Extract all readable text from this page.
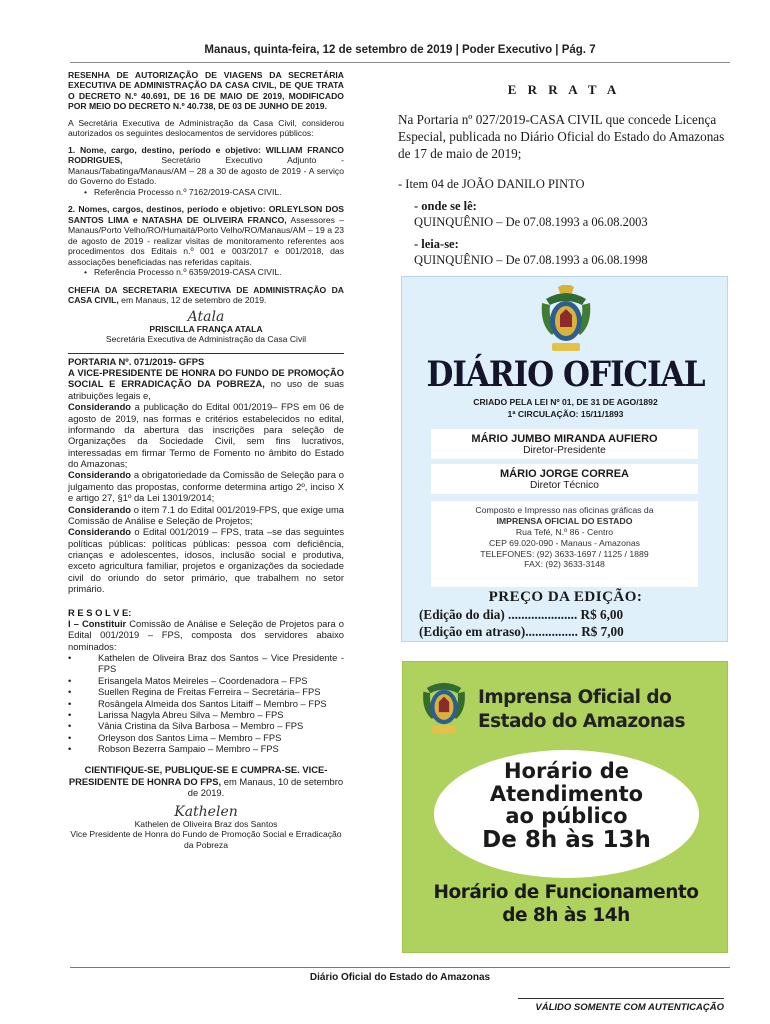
Manaus, quinta-feira, 12 de setembro de 2019 | Poder Executivo | Pág. 7

RESENHA DE AUTORIZAÇÃO DE VIAGENS DA SECRETÁRIA EXECUTIVA DE ADMINISTRAÇÃO DA CASA CIVIL, DE QUE TRATA O DECRETO N.º 40.691, DE 16 DE MAIO DE 2019, MODIFICADO POR MEIO DO DECRETO N.º 40.738, DE 03 DE JUNHO DE 2019.

A Secretária Executiva de Administração da Casa Civil, considerou autorizados os seguintes deslocamentos de servidores públicos:

1. Nome, cargo, destino, período e objetivo: WILLIAM FRANCO RODRIGUES,	Secretário Executivo Adjunto - Manaus/Tabatinga/Manaus/AM – 28 a 30 de agosto de 2019 - A serviço do Governo do Estado.

• Referência Processo n.º 7162/2019-CASA CIVIL.

2. Nomes, cargos, destinos, período e objetivo: ORLEYLSON DOS SANTOS LIMA e NATASHA DE OLIVEIRA FRANCO, Assessores – Manaus/Porto Velho/RO/Humaitá/Porto Velho/RO/Manaus/AM – 19 a 23 de agosto de 2019 - realizar visitas de monitoramento referentes aos procedimentos dos Editais n.º 001 e 003/2017 e 001/2018, das associações beneficiadas nas referidas capitais.

• Referência Processo n.º 6359/2019-CASA CIVIL.

CHEFIA DA SECRETARIA EXECUTIVA DE ADMINISTRAÇÃO DA CASA CIVIL, em Manaus, 12 de setembro de 2019.

Atala
PRISCILLA FRANÇA ATALA
Secretária Executiva de Administração da Casa Civil

PORTARIA Nº. 071/2019- GFPS

A VICE-PRESIDENTE DE HONRA DO FUNDO DE PROMOÇÃO SOCIAL E ERRADICAÇÃO DA POBREZA, no uso de suas atribuições legais e,

Considerando a publicação do Edital 001/2019– FPS em 06 de agosto de 2019, nas formas e critérios estabelecidos no edital, informando da abertura das inscrições para seleção de Organizações da Sociedade Civil, sem fins lucrativos, interessadas em firmar Termo de Fomento no âmbito do Estado do Amazonas;

Considerando a obrigatoriedade da Comissão de Seleção para o julgamento das propostas, conforme determina artigo 2º, inciso X e artigo 27, §1º da Lei 13019/2014;

Considerando o item 7.1 do Edital 001/2019-FPS, que exige uma Comissão de Análise e Seleção de Projetos;

Considerando o Edital 001/2019 – FPS, trata –se das seguintes políticas públicas: políticas públicas: pessoa com deficiência, crianças e adolescentes, idosos, inclusão social e produtiva, exceto agricultura familiar, projetos e organizações da sociedade civil do oriundo do setor primário, que trabalhem no setor primário.

R E S O L V E:

I – Constituir Comissão de Análise e Seleção de Projetos para o Edital 001/2019 – FPS, composta dos servidores abaixo nominados:

•	Kathelen de Oliveira Braz dos Santos – Vice Presidente - FPS

•	Erisangela Matos Meireles – Coordenadora – FPS

•	Suellen Regina de Freitas Ferreira – Secretária– FPS

•	Rosângela Almeida dos Santos Litaiff – Membro – FPS

•	Larissa Nagyla Abreu Silva – Membro – FPS

•	Vânia Cristina da Silva Barbosa – Membro – FPS

•	Orleyson dos Santos Lima – Membro – FPS

•	Robson Bezerra Sampaio – Membro – FPS

CIENTIFIQUE-SE, PUBLIQUE-SE E CUMPRA-SE. VICE-PRESIDENTE DE HONRA DO FPS, em Manaus, 10 de setembro de 2019.

Kathelen
Kathelen de Oliveira Braz dos Santos
Vice Presidente de Honra do Fundo de Promoção Social e Erradicação da Pobreza
E R R A T A
Na Portaria nº 027/2019-CASA CIVIL que concede Licença Especial, publicada no Diário Oficial do Estado do Amazonas de 17 de maio de 2019;
- Item 04 de JOÃO DANILO PINTO
- onde se lê:
QUINQUÊNIO – De 07.08.1993 a 06.08.2003
- leia-se:
QUINQUÊNIO – De 07.08.1993 a 06.08.1998
DIÁRIO OFICIAL
CRIADO PELA LEI Nº 01, DE 31 DE AGO/1892
1ª CIRCULAÇÃO: 15/11/1893
MÁRIO JUMBO MIRANDA AUFIERO
Diretor-Presidente
MÁRIO JORGE CORREA
Diretor Técnico
Composto e Impresso nas oficinas gráficas da
IMPRENSA OFICIAL DO ESTADO
Rua Tefé, N.º 86 - Centro
CEP 69.020-090 - Manaus - Amazonas
TELEFONES: (92) 3633-1697 / 1125 / 1889
FAX: (92) 3633-3148
PREÇO DA EDIÇÃO:
(Edição do dia) ..................... R$ 6,00
(Edição em atraso)................ R$ 7,00
Imprensa Oficial do
Estado do Amazonas
Horário de
Atendimento
ao público
De 8h às 13h
Horário de Funcionamento
de 8h às 14h
Diário Oficial do Estado do Amazonas
VÁLIDO SOMENTE COM AUTENTICAÇÃO
